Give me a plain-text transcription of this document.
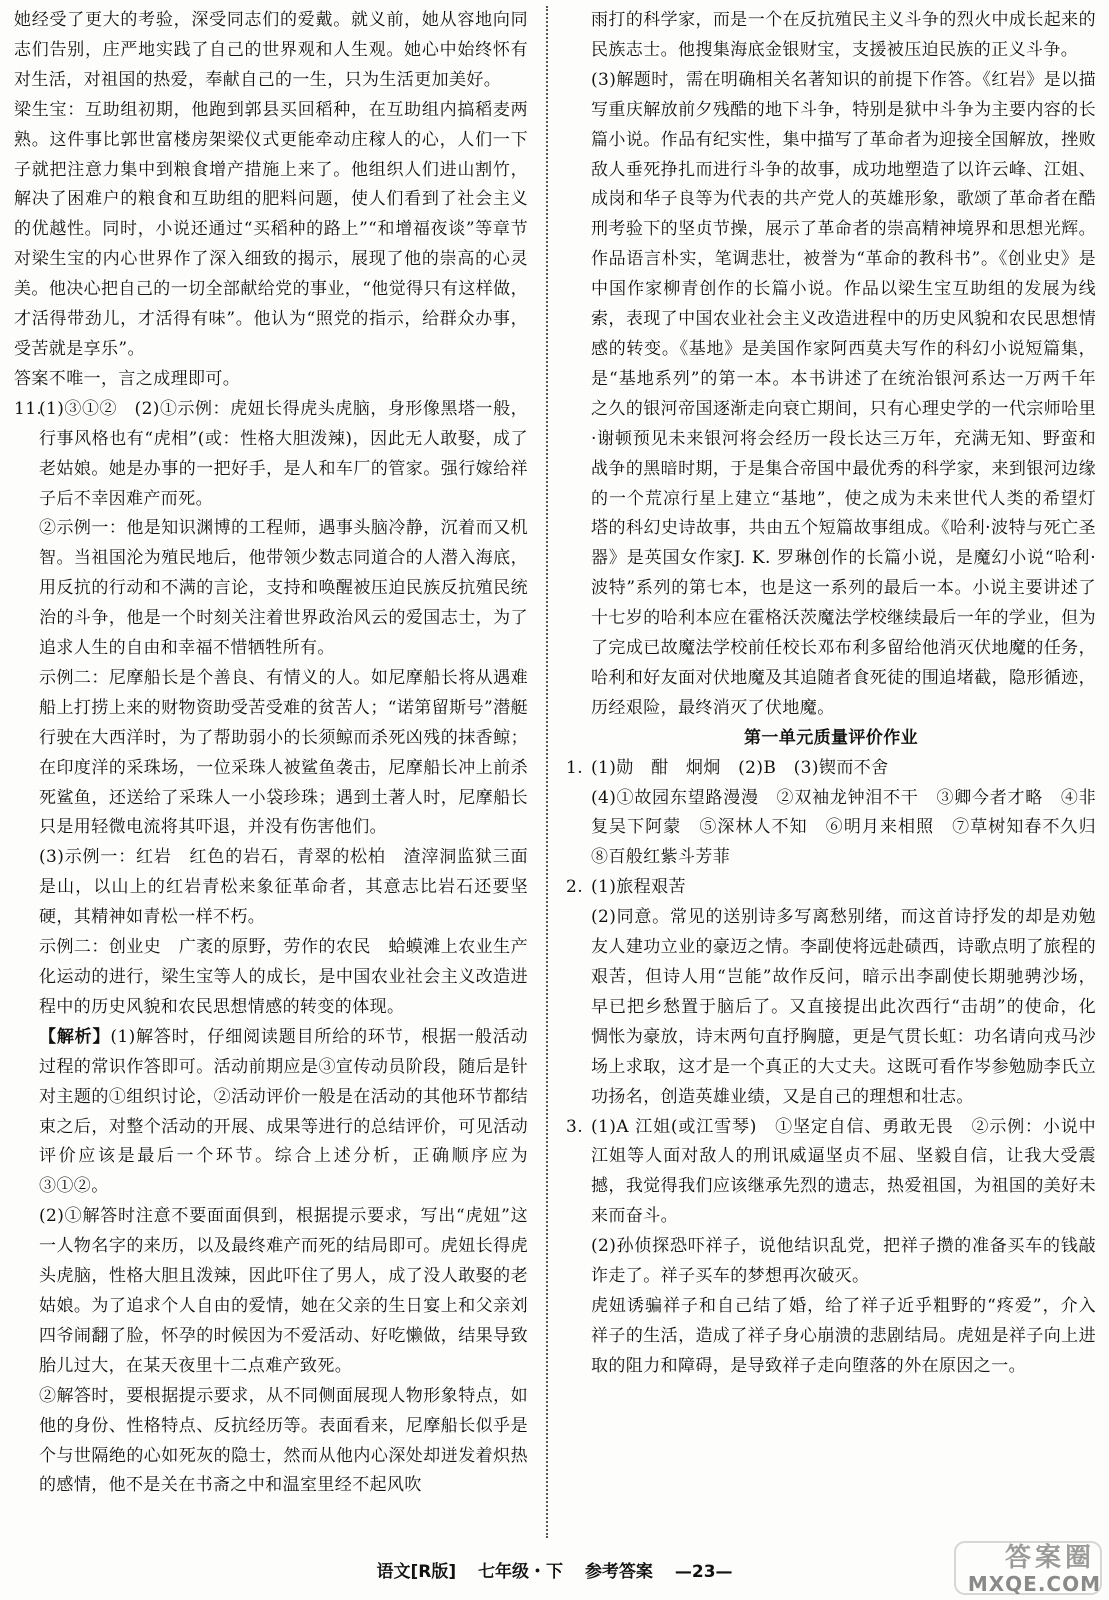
她经受了更大的考验，深受同志们的爱戴。就义前，她从容地向同志们告别，庄严地实践了自己的世界观和人生观。她心中始终怀有对生活，对祖国的热爱，奉献自己的一生，只为生活更加美好。

梁生宝：互助组初期，他跑到郭县买回稻种，在互助组内搞稻麦两熟。这件事比郭世富楼房架梁仪式更能牵动庄稼人的心，人们一下子就把注意力集中到粮食增产措施上来了。他组织人们进山割竹，解决了困难户的粮食和互助组的肥料问题，使人们看到了社会主义的优越性。同时，小说还通过“买稻种的路上”“和增福夜谈”等章节对梁生宝的内心世界作了深入细致的揭示，展现了他的崇高的心灵美。他决心把自己的一切全部献给党的事业，“他觉得只有这样做，才活得带劲儿，才活得有味”。他认为“照党的指示，给群众办事，受苦就是享乐”。

答案不唯一，言之成理即可。

11.(1)③①②　(2)①示例：虎妞长得虎头虎脑，身形像黑塔一般，行事风格也有“虎相”(或：性格大胆泼辣)，因此无人敢娶，成了老姑娘。她是办事的一把好手，是人和车厂的管家。强行嫁给祥子后不幸因难产而死。

②示例一：他是知识渊博的工程师，遇事头脑冷静，沉着而又机智。当祖国沦为殖民地后，他带领少数志同道合的人潜入海底，用反抗的行动和不满的言论，支持和唤醒被压迫民族反抗殖民统治的斗争，他是一个时刻关注着世界政治风云的爱国志士，为了追求人生的自由和幸福不惜牺牲所有。

示例二：尼摩船长是个善良、有情义的人。如尼摩船长将从遇难船上打捞上来的财物资助受苦受难的贫苦人；“诺第留斯号”潜艇行驶在大西洋时，为了帮助弱小的长须鲸而杀死凶残的抹香鲸；在印度洋的采珠场，一位采珠人被鲨鱼袭击，尼摩船长冲上前杀死鲨鱼，还送给了采珠人一小袋珍珠；遇到土著人时，尼摩船长只是用轻微电流将其吓退，并没有伤害他们。

(3)示例一：红岩　红色的岩石，青翠的松柏　渣滓洞监狱三面是山，以山上的红岩青松来象征革命者，其意志比岩石还要坚硬，其精神如青松一样不朽。

示例二：创业史　广袤的原野，劳作的农民　蛤蟆滩上农业生产化运动的进行，梁生宝等人的成长，是中国农业社会主义改造进程中的历史风貌和农民思想情感的转变的体现。

【解析】(1)解答时，仔细阅读题目所给的环节，根据一般活动过程的常识作答即可。活动前期应是③宣传动员阶段，随后是针对主题的①组织讨论，②活动评价一般是在活动的其他环节都结束之后，对整个活动的开展、成果等进行的总结评价，可见活动评价应该是最后一个环节。综合上述分析，正确顺序应为③①②。

(2)①解答时注意不要面面俱到，根据提示要求，写出“虎妞”这一人物名字的来历，以及最终难产而死的结局即可。虎妞长得虎头虎脑，性格大胆且泼辣，因此吓住了男人，成了没人敢娶的老姑娘。为了追求个人自由的爱情，她在父亲的生日宴上和父亲刘四爷闹翻了脸，怀孕的时候因为不爱活动、好吃懒做，结果导致胎儿过大，在某天夜里十二点难产致死。

②解答时，要根据提示要求，从不同侧面展现人物形象特点，如他的身份、性格特点、反抗经历等。表面看来，尼摩船长似乎是个与世隔绝的心如死灰的隐士，然而从他内心深处却迸发着炽热的感情，他不是关在书斋之中和温室里经不起风吹

雨打的科学家，而是一个在反抗殖民主义斗争的烈火中成长起来的民族志士。他搜集海底金银财宝，支援被压迫民族的正义斗争。

(3)解题时，需在明确相关名著知识的前提下作答。《红岩》是以描写重庆解放前夕残酷的地下斗争，特别是狱中斗争为主要内容的长篇小说。作品有纪实性，集中描写了革命者为迎接全国解放，挫败敌人垂死挣扎而进行斗争的故事，成功地塑造了以许云峰、江姐、成岗和华子良等为代表的共产党人的英雄形象，歌颂了革命者在酷刑考验下的坚贞节操，展示了革命者的崇高精神境界和思想光辉。作品语言朴实，笔调悲壮，被誉为“革命的教科书”。《创业史》是中国作家柳青创作的长篇小说。作品以梁生宝互助组的发展为线索，表现了中国农业社会主义改造进程中的历史风貌和农民思想情感的转变。《基地》是美国作家阿西莫夫写作的科幻小说短篇集，是“基地系列”的第一本。本书讲述了在统治银河系达一万两千年之久的银河帝国逐渐走向衰亡期间，只有心理史学的一代宗师哈里·谢顿预见未来银河将会经历一段长达三万年，充满无知、野蛮和战争的黑暗时期，于是集合帝国中最优秀的科学家，来到银河边缘的一个荒凉行星上建立“基地”，使之成为未来世代人类的希望灯塔的科幻史诗故事，共由五个短篇故事组成。《哈利·波特与死亡圣器》是英国女作家J. K. 罗琳创作的长篇小说，是魔幻小说“哈利·波特”系列的第七本，也是这一系列的最后一本。小说主要讲述了十七岁的哈利本应在霍格沃茨魔法学校继续最后一年的学业，但为了完成已故魔法学校前任校长邓布利多留给他消灭伏地魔的任务，哈利和好友面对伏地魔及其追随者食死徒的围追堵截，隐形循迹，历经艰险，最终消灭了伏地魔。

第一单元质量评价作业

1. (1)勋　酣　炯炯　(2)B　(3)锲而不舍

(4)①故园东望路漫漫　②双袖龙钟泪不干　③卿今者才略　④非复吴下阿蒙　⑤深林人不知　⑥明月来相照　⑦草树知春不久归　⑧百般红紫斗芳菲

2. (1)旅程艰苦

(2)同意。常见的送别诗多写离愁别绪，而这首诗抒发的却是劝勉友人建功立业的豪迈之情。李副使将远赴碛西，诗歌点明了旅程的艰苦，但诗人用“岂能”故作反问，暗示出李副使长期驰骋沙场，早已把乡愁置于脑后了。又直接提出此次西行“击胡”的使命，化惆怅为豪放，诗末两句直抒胸臆，更是气贯长虹：功名请向戎马沙场上求取，这才是一个真正的大丈夫。这既可看作岑参勉励李氏立功扬名，创造英雄业绩，又是自己的理想和壮志。

3. (1)A 江姐(或江雪琴)　①坚定自信、勇敢无畏　②示例：小说中江姐等人面对敌人的刑讯威逼坚贞不屈、坚毅自信，让我大受震撼，我觉得我们应该继承先烈的遗志，热爱祖国，为祖国的美好未来而奋斗。

(2)孙侦探恐吓祥子，说他结识乱党，把祥子攒的准备买车的钱敲诈走了。祥子买车的梦想再次破灭。

虎妞诱骗祥子和自己结了婚，给了祥子近乎粗野的“疼爱”，介入祥子的生活，造成了祥子身心崩溃的悲剧结局。虎妞是祥子向上进取的阻力和障碍，是导致祥子走向堕落的外在原因之一。

语文[R版] 七年级・下 参考答案 —23—	答案圈
MXQE.COM
